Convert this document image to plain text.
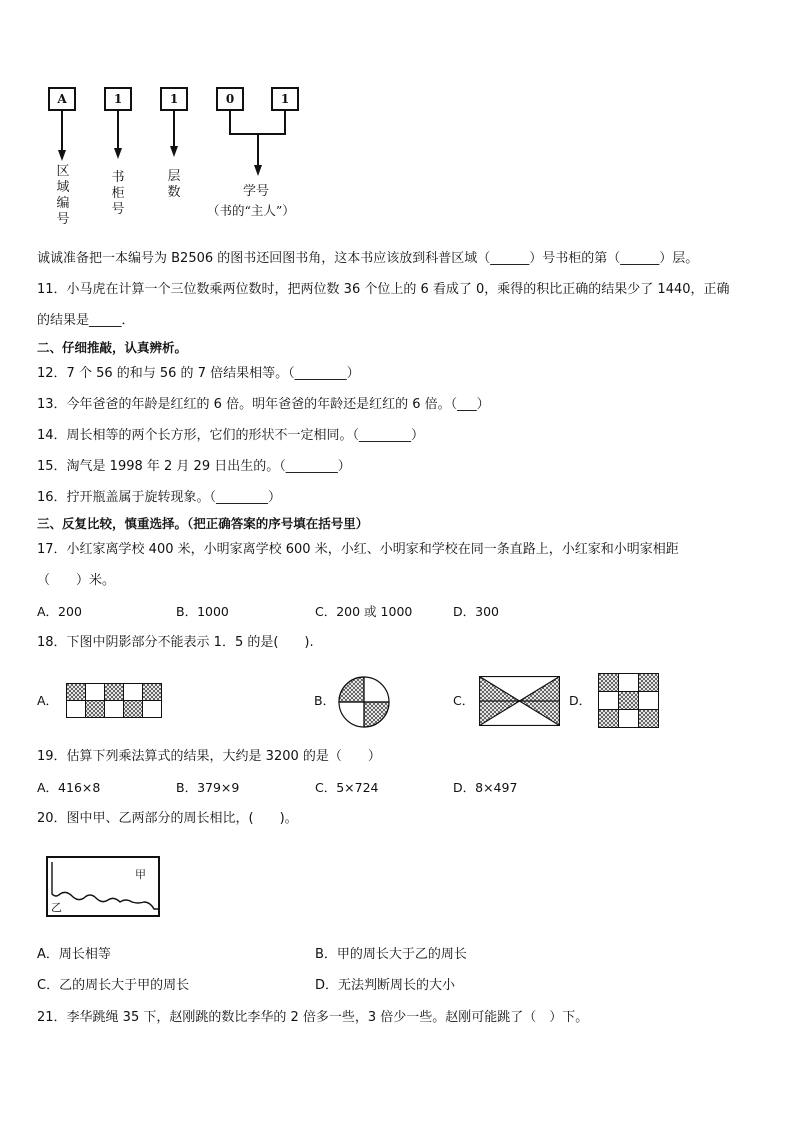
A	1	1	0	1
区域编号
书柜号
层数	学号
（书的“主人”）
诚诚准备把一本编号为 B2506 的图书还回图书角，这本书应该放到科普区域（______）号书柜的第（______）层。
11．小马虎在计算一个三位数乘两位数时，把两位数 36 个位上的 6 看成了 0，乘得的积比正确的结果少了 1440，正确
的结果是_____．
二、仔细推敲，认真辨析。
12．7 个 56 的和与 56 的 7 倍结果相等。（________）
13．今年爸爸的年龄是红红的 6 倍。明年爸爸的年龄还是红红的 6 倍。（___）
14．周长相等的两个长方形，它们的形状不一定相同。（________）
15．淘气是 1998 年 2 月 29 日出生的。（________）
16．拧开瓶盖属于旋转现象。（________）
三、反复比较，慎重选择。（把正确答案的序号填在括号里）
17．小红家离学校 400 米，小明家离学校 600 米，小红、小明家和学校在同一条直路上，小红家和小明家相距
（　　）米。
A．200	B．1000	C．200 或 1000	D．300
18．下图中阴影部分不能表示 1．5 的是(　　).
A．	B．	C．	D．
19．估算下列乘法算式的结果，大约是 3200 的是（　　）
A．416×8	B．379×9	C．5×724	D．8×497
20．图中甲、乙两部分的周长相比，(　　)。
甲
乙
A．周长相等	B．甲的周长大于乙的周长
C．乙的周长大于甲的周长	D．无法判断周长的大小
21．李华跳绳 35 下，赵刚跳的数比李华的 2 倍多一些，3 倍少一些。赵刚可能跳了（　）下。
